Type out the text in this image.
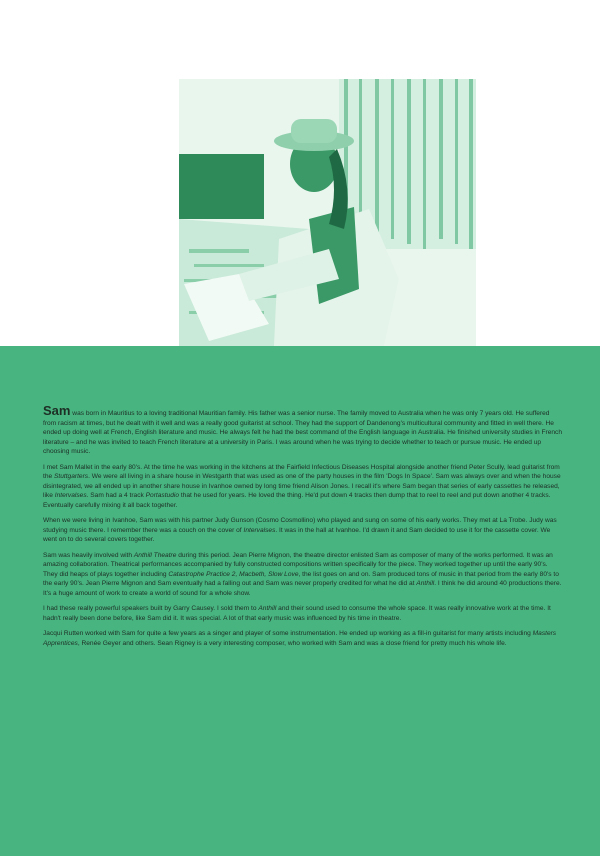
Sam was born in Mauritius to a loving traditional Mauritian family. His father was a senior nurse. The family moved to Australia when he was only 7 years old. He suffered from racism at times, but he dealt with it well and was a really good guitarist at school. They had the support of Dandenong's multicultural community and fitted in well there. He ended up doing well at French, English literature and music. He always felt he had the best command of the English language in Australia. He finished university studies in French literature – and he was invited to teach French literature at a university in Paris. I was around when he was trying to decide whether to teach or pursue music. He ended up choosing music.

I met Sam Mallet in the early 80's. At the time he was working in the kitchens at the Fairfield Infectious Diseases Hospital alongside another friend Peter Scully, lead guitarist from the Stuttgarters. We were all living in a share house in Westgarth that was used as one of the party houses in the film 'Dogs In Space'. Sam was always over and when the house disintegrated, we all ended up in another share house in Ivanhoe owned by long time friend Alison Jones. I recall it's where Sam began that series of early cassettes he released, like Intervalses. Sam had a 4 track Portastudio that he used for years. He loved the thing. He'd put down 4 tracks then dump that to reel to reel and put down another 4 tracks. Eventually carefully mixing it all back together.

When we were living in Ivanhoe, Sam was with his partner Judy Gunson (Cosmo Cosmollino) who played and sung on some of his early works. They met at La Trobe. Judy was studying music there. I remember there was a couch on the cover of Intervalses. It was in the hall at Ivanhoe. I'd drawn it and Sam decided to use it for the cassette cover. We went on to do several covers together.

Sam was heavily involved with Anthill Theatre during this period. Jean Pierre Mignon, the theatre director enlisted Sam as composer of many of the works performed. It was an amazing collaboration. Theatrical performances accompanied by fully constructed compositions written specifically for the piece. They worked together up until the early 90's. They did heaps of plays together including Catastrophe Practice 2, Macbeth, Slow Love, the list goes on and on. Sam produced tons of music in that period from the early 80's to the early 90's. Jean Pierre Mignon and Sam eventually had a falling out and Sam was never properly credited for what he did at Anthill. I think he did around 40 productions there. It's a huge amount of work to create a world of sound for a whole show.

I had these really powerful speakers built by Garry Causey. I sold them to Anthill and their sound used to consume the whole space. It was really innovative work at the time. It hadn't really been done before, like Sam did it. It was special. A lot of that early music was influenced by his time in theatre.

Jacqui Rutten worked with Sam for quite a few years as a singer and player of some instrumentation. He ended up working as a fill-in guitarist for many artists including Masters Apprentices, Renée Geyer and others. Sean Rigney is a very interesting composer, who worked with Sam and was a close friend for pretty much his whole life.
